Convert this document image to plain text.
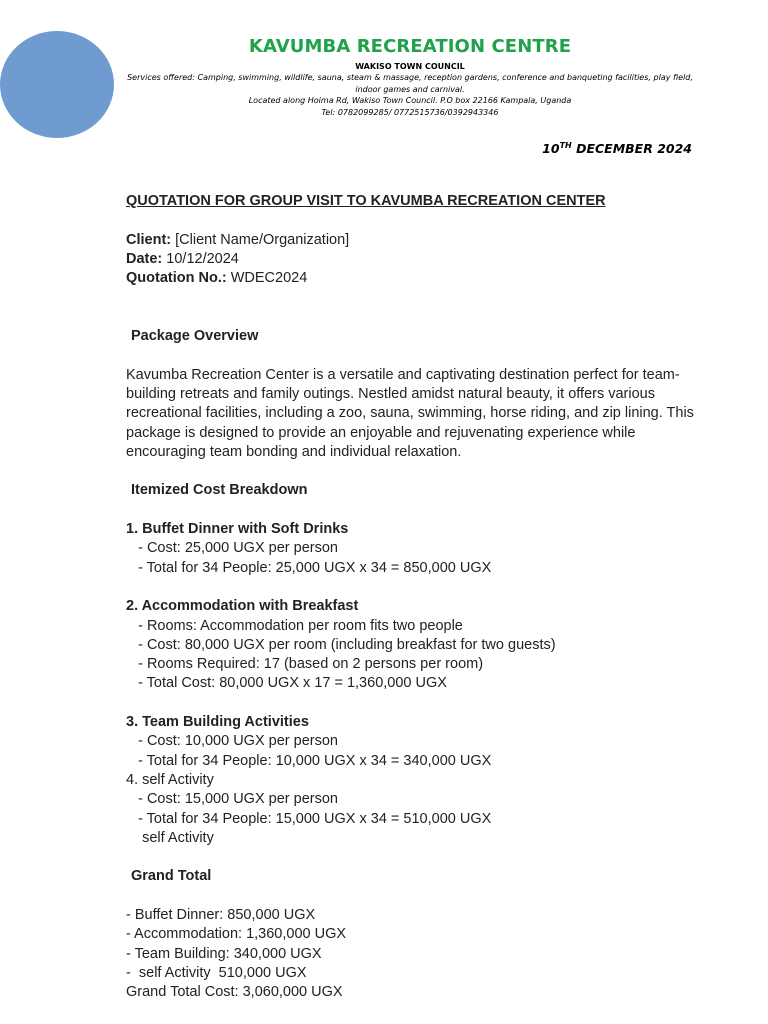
KAVUMBA RECREATION CENTRE
WAKISO TOWN COUNCIL
Services offered: Camping, swimming, wildlife, sauna, steam & massage, reception gardens, conference and banqueting facilities, play field, indoor games and carnival.
Located along Hoima Rd, Wakiso Town Council. P.O box 22166 Kampala, Uganda
Tel: 0782099285/ 0772515736/0392943346
10TH DECEMBER 2024
QUOTATION FOR GROUP VISIT TO KAVUMBA RECREATION CENTER
Client: [Client Name/Organization]
Date: 10/12/2024
Quotation No.: WDEC2024
Package Overview

Kavumba Recreation Center is a versatile and captivating destination perfect for team-building retreats and family outings. Nestled amidst natural beauty, it offers various recreational facilities, including a zoo, sauna, swimming, horse riding, and zip lining. This package is designed to provide an enjoyable and rejuvenating experience while encouraging team bonding and individual relaxation.

Itemized Cost Breakdown
1. Buffet Dinner with Soft Drinks
- Cost: 25,000 UGX per person
- Total for 34 People: 25,000 UGX x 34 = 850,000 UGX
2. Accommodation with Breakfast
- Rooms: Accommodation per room fits two people
- Cost: 80,000 UGX per room (including breakfast for two guests)
- Rooms Required: 17 (based on 2 persons per room)
- Total Cost: 80,000 UGX x 17 = 1,360,000 UGX
3. Team Building Activities
- Cost: 10,000 UGX per person
- Total for 34 People: 10,000 UGX x 34 = 340,000 UGX
4. self Activity
- Cost: 15,000 UGX per person
- Total for 34 People: 15,000 UGX x 34 = 510,000 UGX
self Activity
Grand Total
- Buffet Dinner: 850,000 UGX
- Accommodation: 1,360,000 UGX
- Team Building: 340,000 UGX
-  self Activity  510,000 UGX
Grand Total Cost: 3,060,000 UGX
